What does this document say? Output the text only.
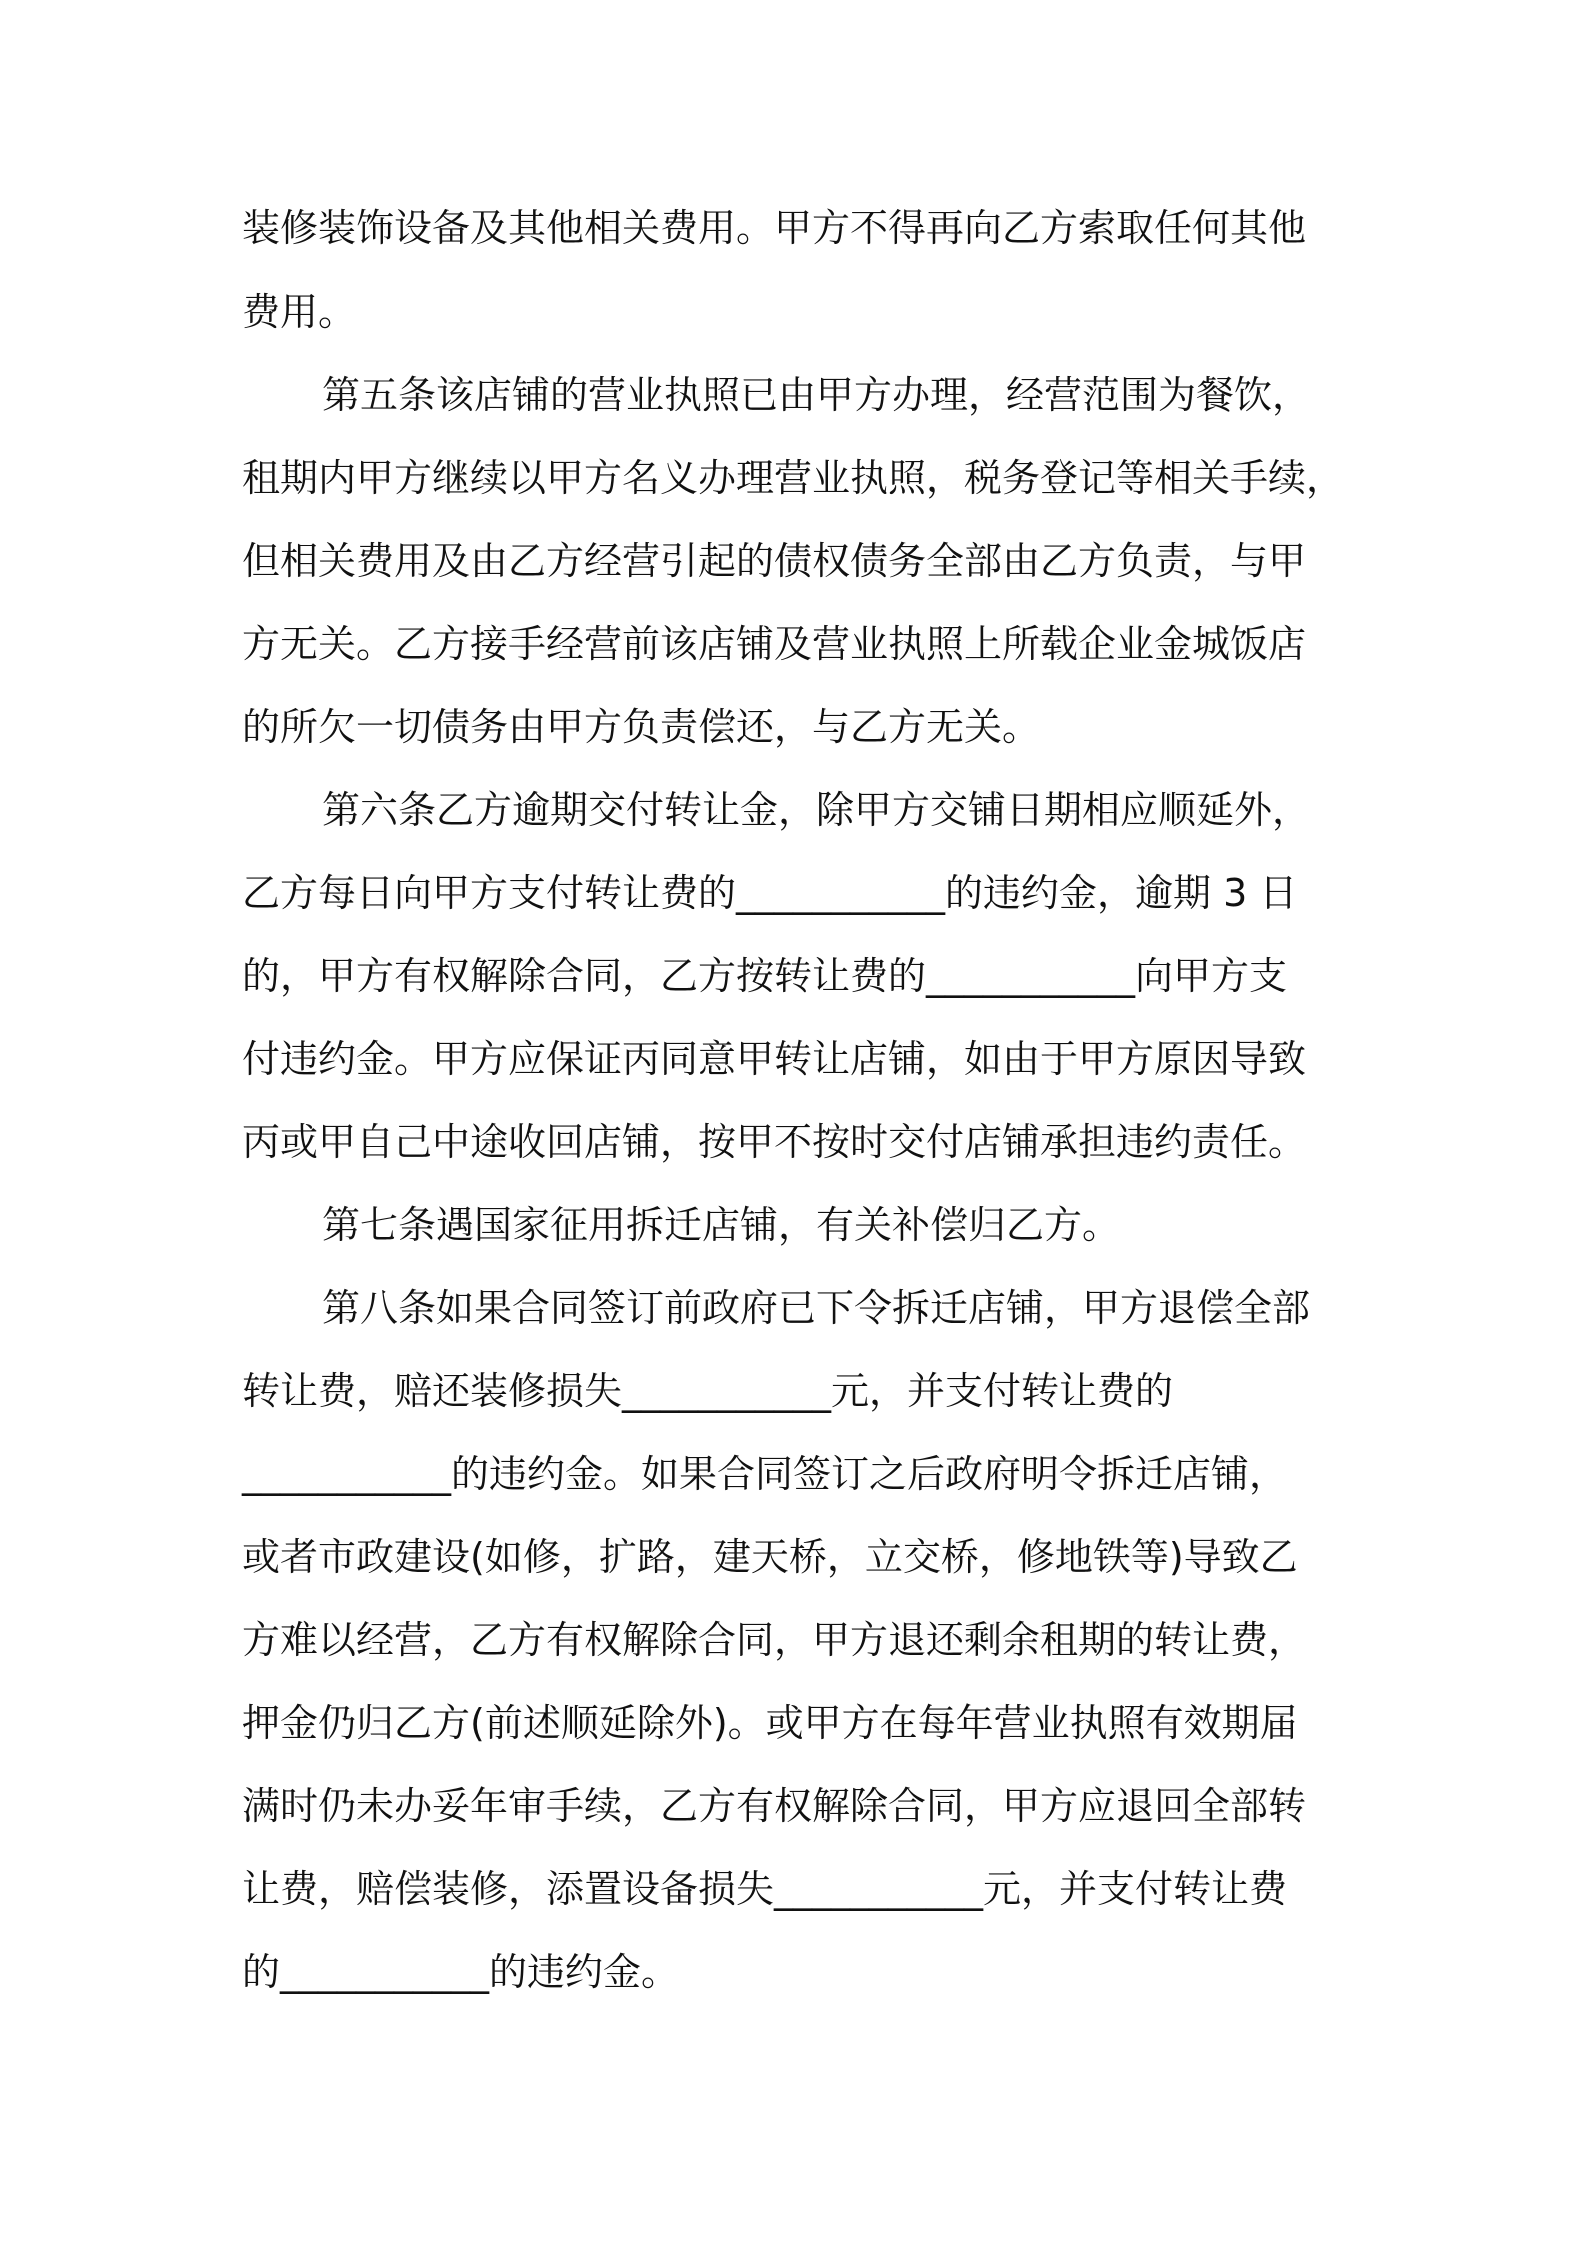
装修装饰设备及其他相关费用。甲方不得再向乙方索取任何其他
费用。
第五条该店铺的营业执照已由甲方办理，经营范围为餐饮，
租期内甲方继续以甲方名义办理营业执照，税务登记等相关手续，
但相关费用及由乙方经营引起的债权债务全部由乙方负责，与甲
方无关。乙方接手经营前该店铺及营业执照上所载企业金城饭店
的所欠一切债务由甲方负责偿还，与乙方无关。
第六条乙方逾期交付转让金，除甲方交铺日期相应顺延外，
乙方每日向甲方支付转让费的___________的违约金，逾期 3 日
的，甲方有权解除合同，乙方按转让费的___________向甲方支
付违约金。甲方应保证丙同意甲转让店铺，如由于甲方原因导致
丙或甲自己中途收回店铺，按甲不按时交付店铺承担违约责任。
第七条遇国家征用拆迁店铺，有关补偿归乙方。
第八条如果合同签订前政府已下令拆迁店铺，甲方退偿全部
转让费，赔还装修损失___________元，并支付转让费的
___________的违约金。如果合同签订之后政府明令拆迁店铺，
或者市政建设(如修，扩路，建天桥，立交桥，修地铁等)导致乙
方难以经营，乙方有权解除合同，甲方退还剩余租期的转让费，
押金仍归乙方(前述顺延除外)。或甲方在每年营业执照有效期届
满时仍未办妥年审手续，乙方有权解除合同，甲方应退回全部转
让费，赔偿装修，添置设备损失___________元，并支付转让费
的___________的违约金。
